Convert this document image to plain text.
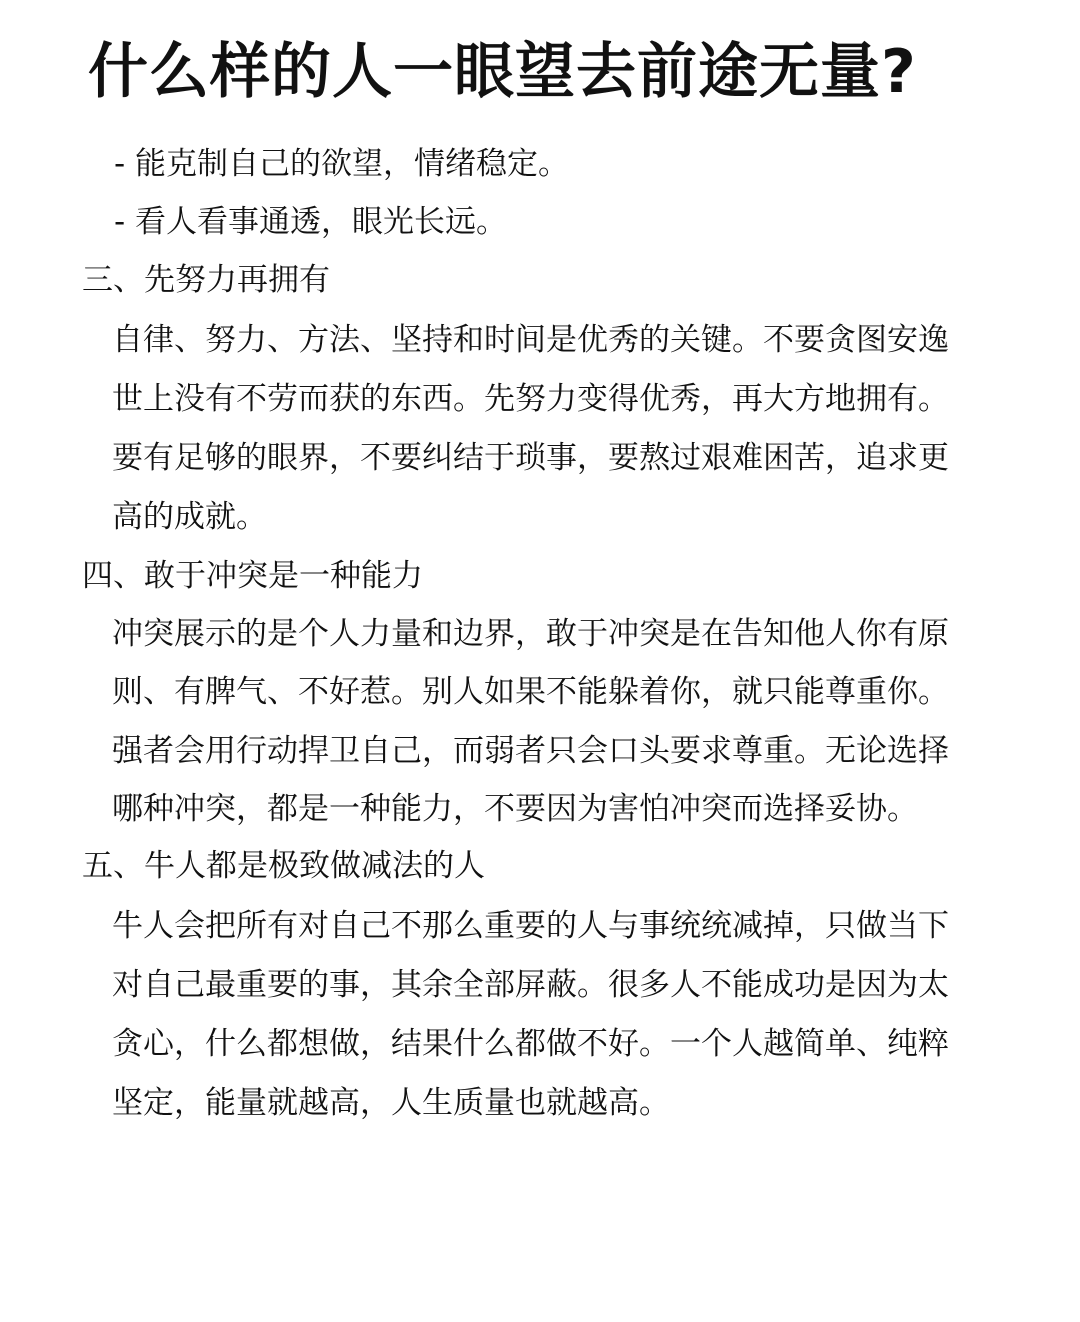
什么样的人一眼望去前途无量?
- 能克制自己的欲望，情绪稳定。
- 看人看事通透，眼光长远。
三、先努力再拥有
自律、努力、方法、坚持和时间是优秀的关键。不要贪图安逸
世上没有不劳而获的东西。先努力变得优秀，再大方地拥有。
要有足够的眼界，不要纠结于琐事，要熬过艰难困苦，追求更
高的成就。
四、敢于冲突是一种能力
冲突展示的是个人力量和边界，敢于冲突是在告知他人你有原
则、有脾气、不好惹。别人如果不能躲着你，就只能尊重你。
强者会用行动捍卫自己，而弱者只会口头要求尊重。无论选择
哪种冲突，都是一种能力，不要因为害怕冲突而选择妥协。
五、牛人都是极致做减法的人
牛人会把所有对自己不那么重要的人与事统统减掉，只做当下
对自己最重要的事，其余全部屏蔽。很多人不能成功是因为太
贪心，什么都想做，结果什么都做不好。一个人越简单、纯粹
坚定，能量就越高，人生质量也就越高。
